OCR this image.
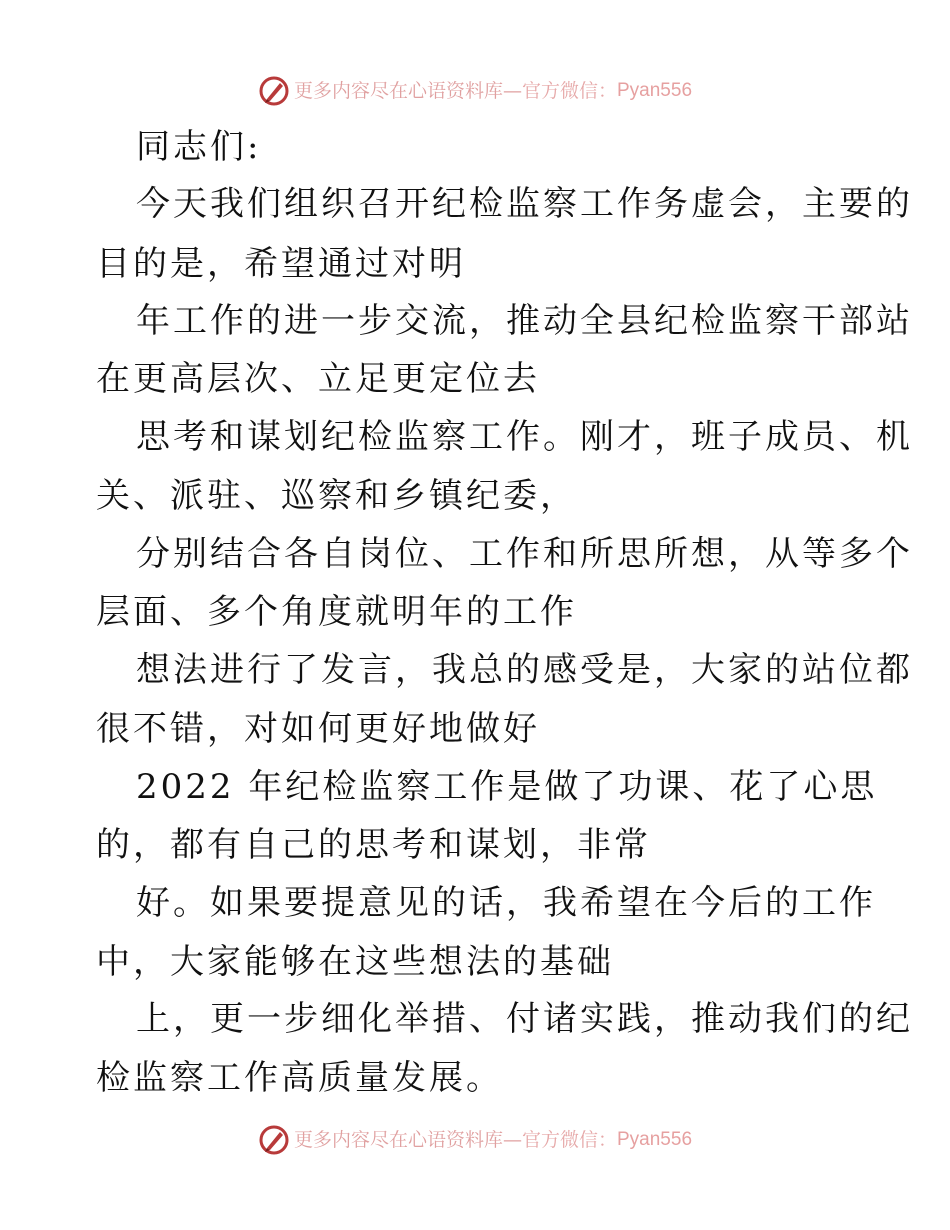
更多内容尽在心语资料库 — 官方微信： Pyan556
同志们:
今天我们组织召开纪检监察工作务虚会，主要的
目的是，希望通过对明
年工作的进一步交流，推动全县纪检监察干部站
在更高层次、立足更定位去
思考和谋划纪检监察工作。刚才，班子成员、机
关、派驻、巡察和乡镇纪委，
分别结合各自岗位、工作和所思所想，从等多个
层面、多个角度就明年的工作
想法进行了发言，我总的感受是，大家的站位都
很不错，对如何更好地做好
2022 年纪检监察工作是做了功课、花了心思
的，都有自己的思考和谋划，非常
好。如果要提意见的话，我希望在今后的工作
中，大家能够在这些想法的基础
上，更一步细化举措、付诸实践，推动我们的纪
检监察工作高质量发展。
更多内容尽在心语资料库 — 官方微信： Pyan556
